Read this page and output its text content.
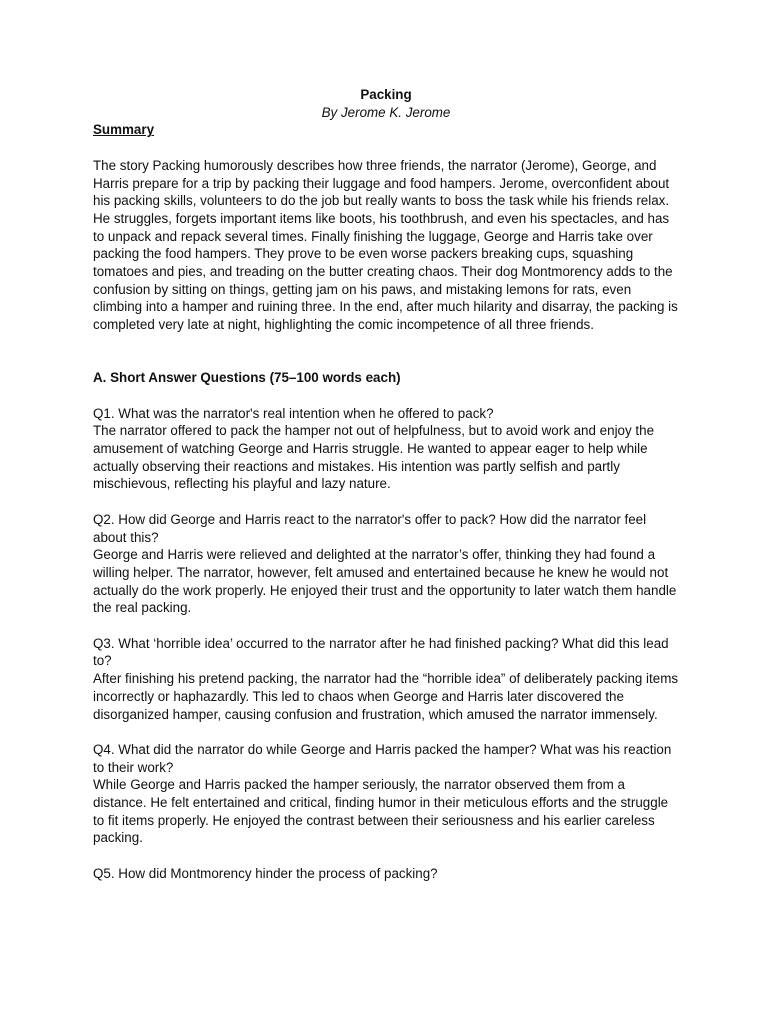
Packing

By Jerome K. Jerome

Summary

The story Packing humorously describes how three friends, the narrator (Jerome), George, and Harris prepare for a trip by packing their luggage and food hampers. Jerome, overconfident about his packing skills, volunteers to do the job but really wants to boss the task while his friends relax. He struggles, forgets important items like boots, his toothbrush, and even his spectacles, and has to unpack and repack several times. Finally finishing the luggage, George and Harris take over packing the food hampers. They prove to be even worse packers breaking cups, squashing tomatoes and pies, and treading on the butter creating chaos. Their dog Montmorency adds to the confusion by sitting on things, getting jam on his paws, and mistaking lemons for rats, even climbing into a hamper and ruining three. In the end, after much hilarity and disarray, the packing is completed very late at night, highlighting the comic incompetence of all three friends.

A. Short Answer Questions (75–100 words each)

Q1. What was the narrator's real intention when he offered to pack?

The narrator offered to pack the hamper not out of helpfulness, but to avoid work and enjoy the amusement of watching George and Harris struggle. He wanted to appear eager to help while actually observing their reactions and mistakes. His intention was partly selfish and partly mischievous, reflecting his playful and lazy nature.

Q2. How did George and Harris react to the narrator's offer to pack? How did the narrator feel about this?

George and Harris were relieved and delighted at the narrator’s offer, thinking they had found a willing helper. The narrator, however, felt amused and entertained because he knew he would not actually do the work properly. He enjoyed their trust and the opportunity to later watch them handle the real packing.

Q3. What ‘horrible idea’ occurred to the narrator after he had finished packing? What did this lead to?

After finishing his pretend packing, the narrator had the “horrible idea” of deliberately packing items incorrectly or haphazardly. This led to chaos when George and Harris later discovered the disorganized hamper, causing confusion and frustration, which amused the narrator immensely.

Q4. What did the narrator do while George and Harris packed the hamper? What was his reaction to their work?

While George and Harris packed the hamper seriously, the narrator observed them from a distance. He felt entertained and critical, finding humor in their meticulous efforts and the struggle to fit items properly. He enjoyed the contrast between their seriousness and his earlier careless packing.

Q5. How did Montmorency hinder the process of packing?
